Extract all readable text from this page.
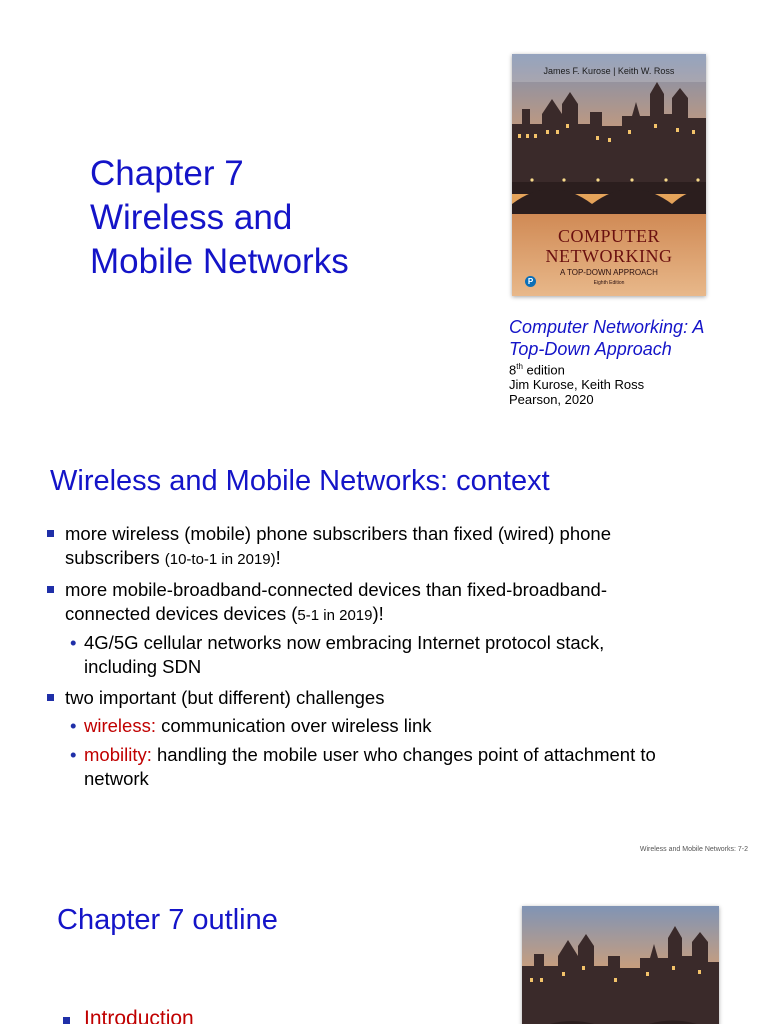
Chapter 7
Wireless and
Mobile Networks
James F. Kurose | Keith W. Ross
COMPUTER
NETWORKING
A TOP-DOWN APPROACH
Eighth Edition
P
Computer Networking: A
Top-Down Approach
8th edition
Jim Kurose, Keith Ross
Pearson, 2020
Wireless and Mobile Networks: context
more wireless (mobile) phone subscribers than fixed (wired) phone
subscribers (10-to-1 in 2019)!
more mobile-broadband-connected devices than fixed-broadband-
connected devices devices (5-1 in 2019)!
• 4G/5G cellular networks now embracing Internet protocol stack,
including SDN
two important (but different) challenges
• wireless: communication over wireless link
• mobility: handling the mobile user who changes point of attachment to
network
Wireless and Mobile Networks: 7-2
Chapter 7 outline
Introduction
